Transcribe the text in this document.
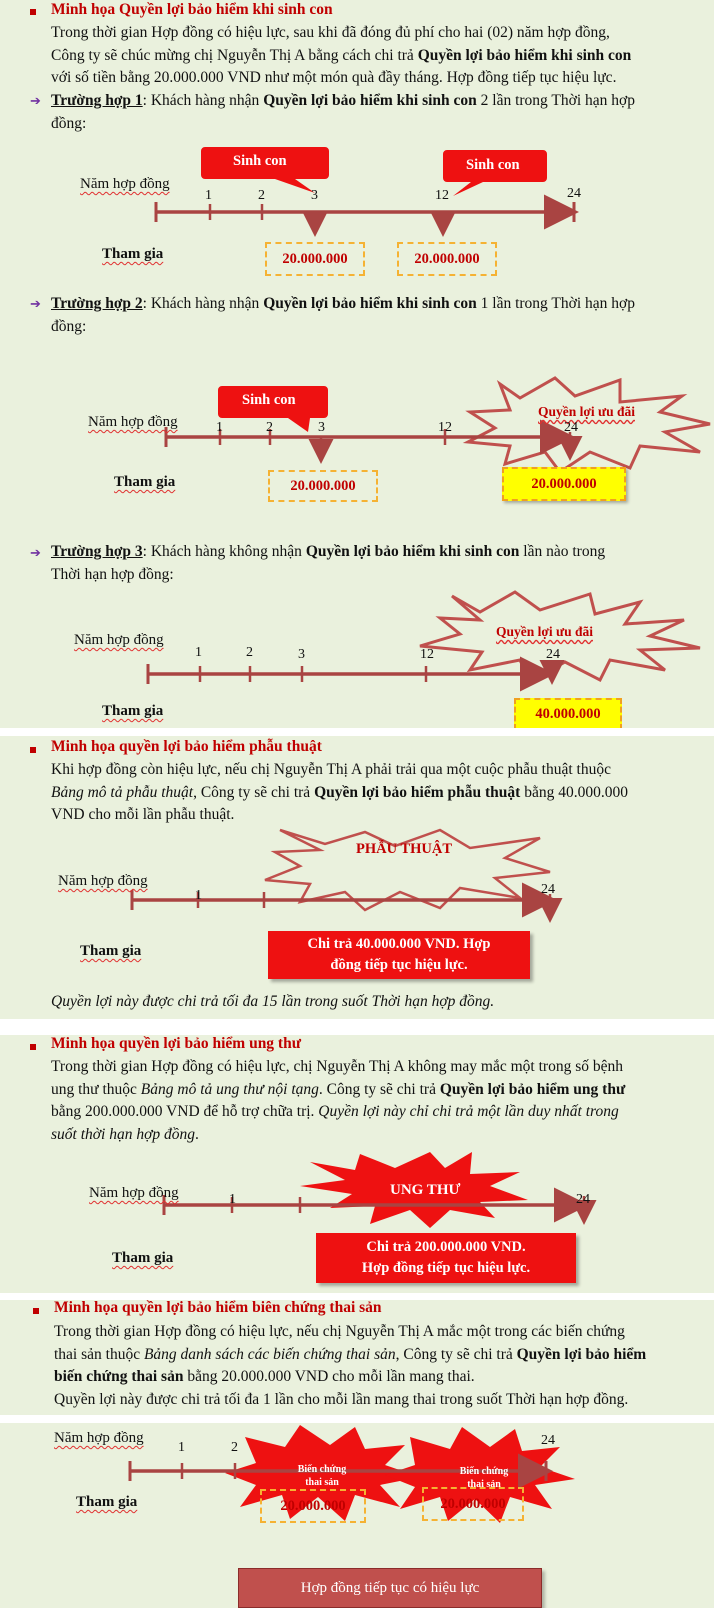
Minh họa Quyền lợi bảo hiểm khi sinh con
Trong thời gian Hợp đồng có hiệu lực, sau khi đã đóng đủ phí cho hai (02) năm hợp đồng,
Công ty sẽ chúc mừng chị Nguyễn Thị A bằng cách chi trả Quyền lợi bảo hiểm khi sinh con
với số tiền bằng 20.000.000 VND như một món quà đầy tháng. Hợp đồng tiếp tục hiệu lực.
➔ Trường hợp 1: Khách hàng nhận Quyền lợi bảo hiểm khi sinh con 2 lần trong Thời hạn hợp
đồng:
Sinh con	Sinh con
Năm hợp đồng
1	2	3	12	24
Tham gia	20.000.000	20.000.000
➔ Trường hợp 2: Khách hàng nhận Quyền lợi bảo hiểm khi sinh con 1 lần trong Thời hạn hợp
đồng:
Sinh con
Quyền lợi ưu đãi
Năm hợp đồng	1	2	3	12	24
Tham gia	20.000.000	20.000.000
➔ Trường hợp 3: Khách hàng không nhận Quyền lợi bảo hiểm khi sinh con lần nào trong
Thời hạn hợp đồng:
Quyền lợi ưu đãi
Năm hợp đồng
1	2	3	12	24
Tham gia	40.000.000
Minh họa quyền lợi bảo hiểm phẫu thuật
Khi hợp đồng còn hiệu lực, nếu chị Nguyễn Thị A phải trải qua một cuộc phẫu thuật thuộc
Bảng mô tả phẫu thuật, Công ty sẽ chi trả Quyền lợi bảo hiểm phẫu thuật bằng 40.000.000
VND cho mỗi lần phẫu thuật.
PHẪU THUẬT
Năm hợp đồng
1	24
Tham gia	Chi trả 40.000.000 VND. Hợp
đồng tiếp tục hiệu lực.
Quyền lợi này được chi trả tối đa 15 lần trong suốt Thời hạn hợp đồng.
Minh họa quyền lợi bảo hiểm ung thư
Trong thời gian Hợp đồng có hiệu lực, chị Nguyễn Thị A không may mắc một trong số bệnh
ung thư thuộc Bảng mô tả ung thư nội tạng. Công ty sẽ chi trả Quyền lợi bảo hiểm ung thư
bằng 200.000.000 VND để hỗ trợ chữa trị. Quyền lợi này chỉ chi trả một lần duy nhất trong
suốt thời hạn hợp đồng.
UNG THƯ
Năm hợp đồng	1	24
Tham gia
Chi trả 200.000.000 VND.
Hợp đồng tiếp tục hiệu lực.
Minh họa quyền lợi bảo hiểm biên chứng thai sản
Trong thời gian Hợp đồng có hiệu lực, nếu chị Nguyễn Thị A mắc một trong các biến chứng
thai sản thuộc Bảng danh sách các biến chứng thai sản, Công ty sẽ chi trả Quyền lợi bảo hiểm
biến chứng thai sản bằng 20.000.000 VND cho mỗi lần mang thai.
Quyền lợi này được chi trả tối đa 1 lần cho mỗi lần mang thai trong suốt Thời hạn hợp đồng.
Biến chứng
thai sản
Biến chứng
thai sản
Năm hợp đồng
1	2	24
Tham gia	20.000.000	20.000.000
Hợp đồng tiếp tục có hiệu lực
